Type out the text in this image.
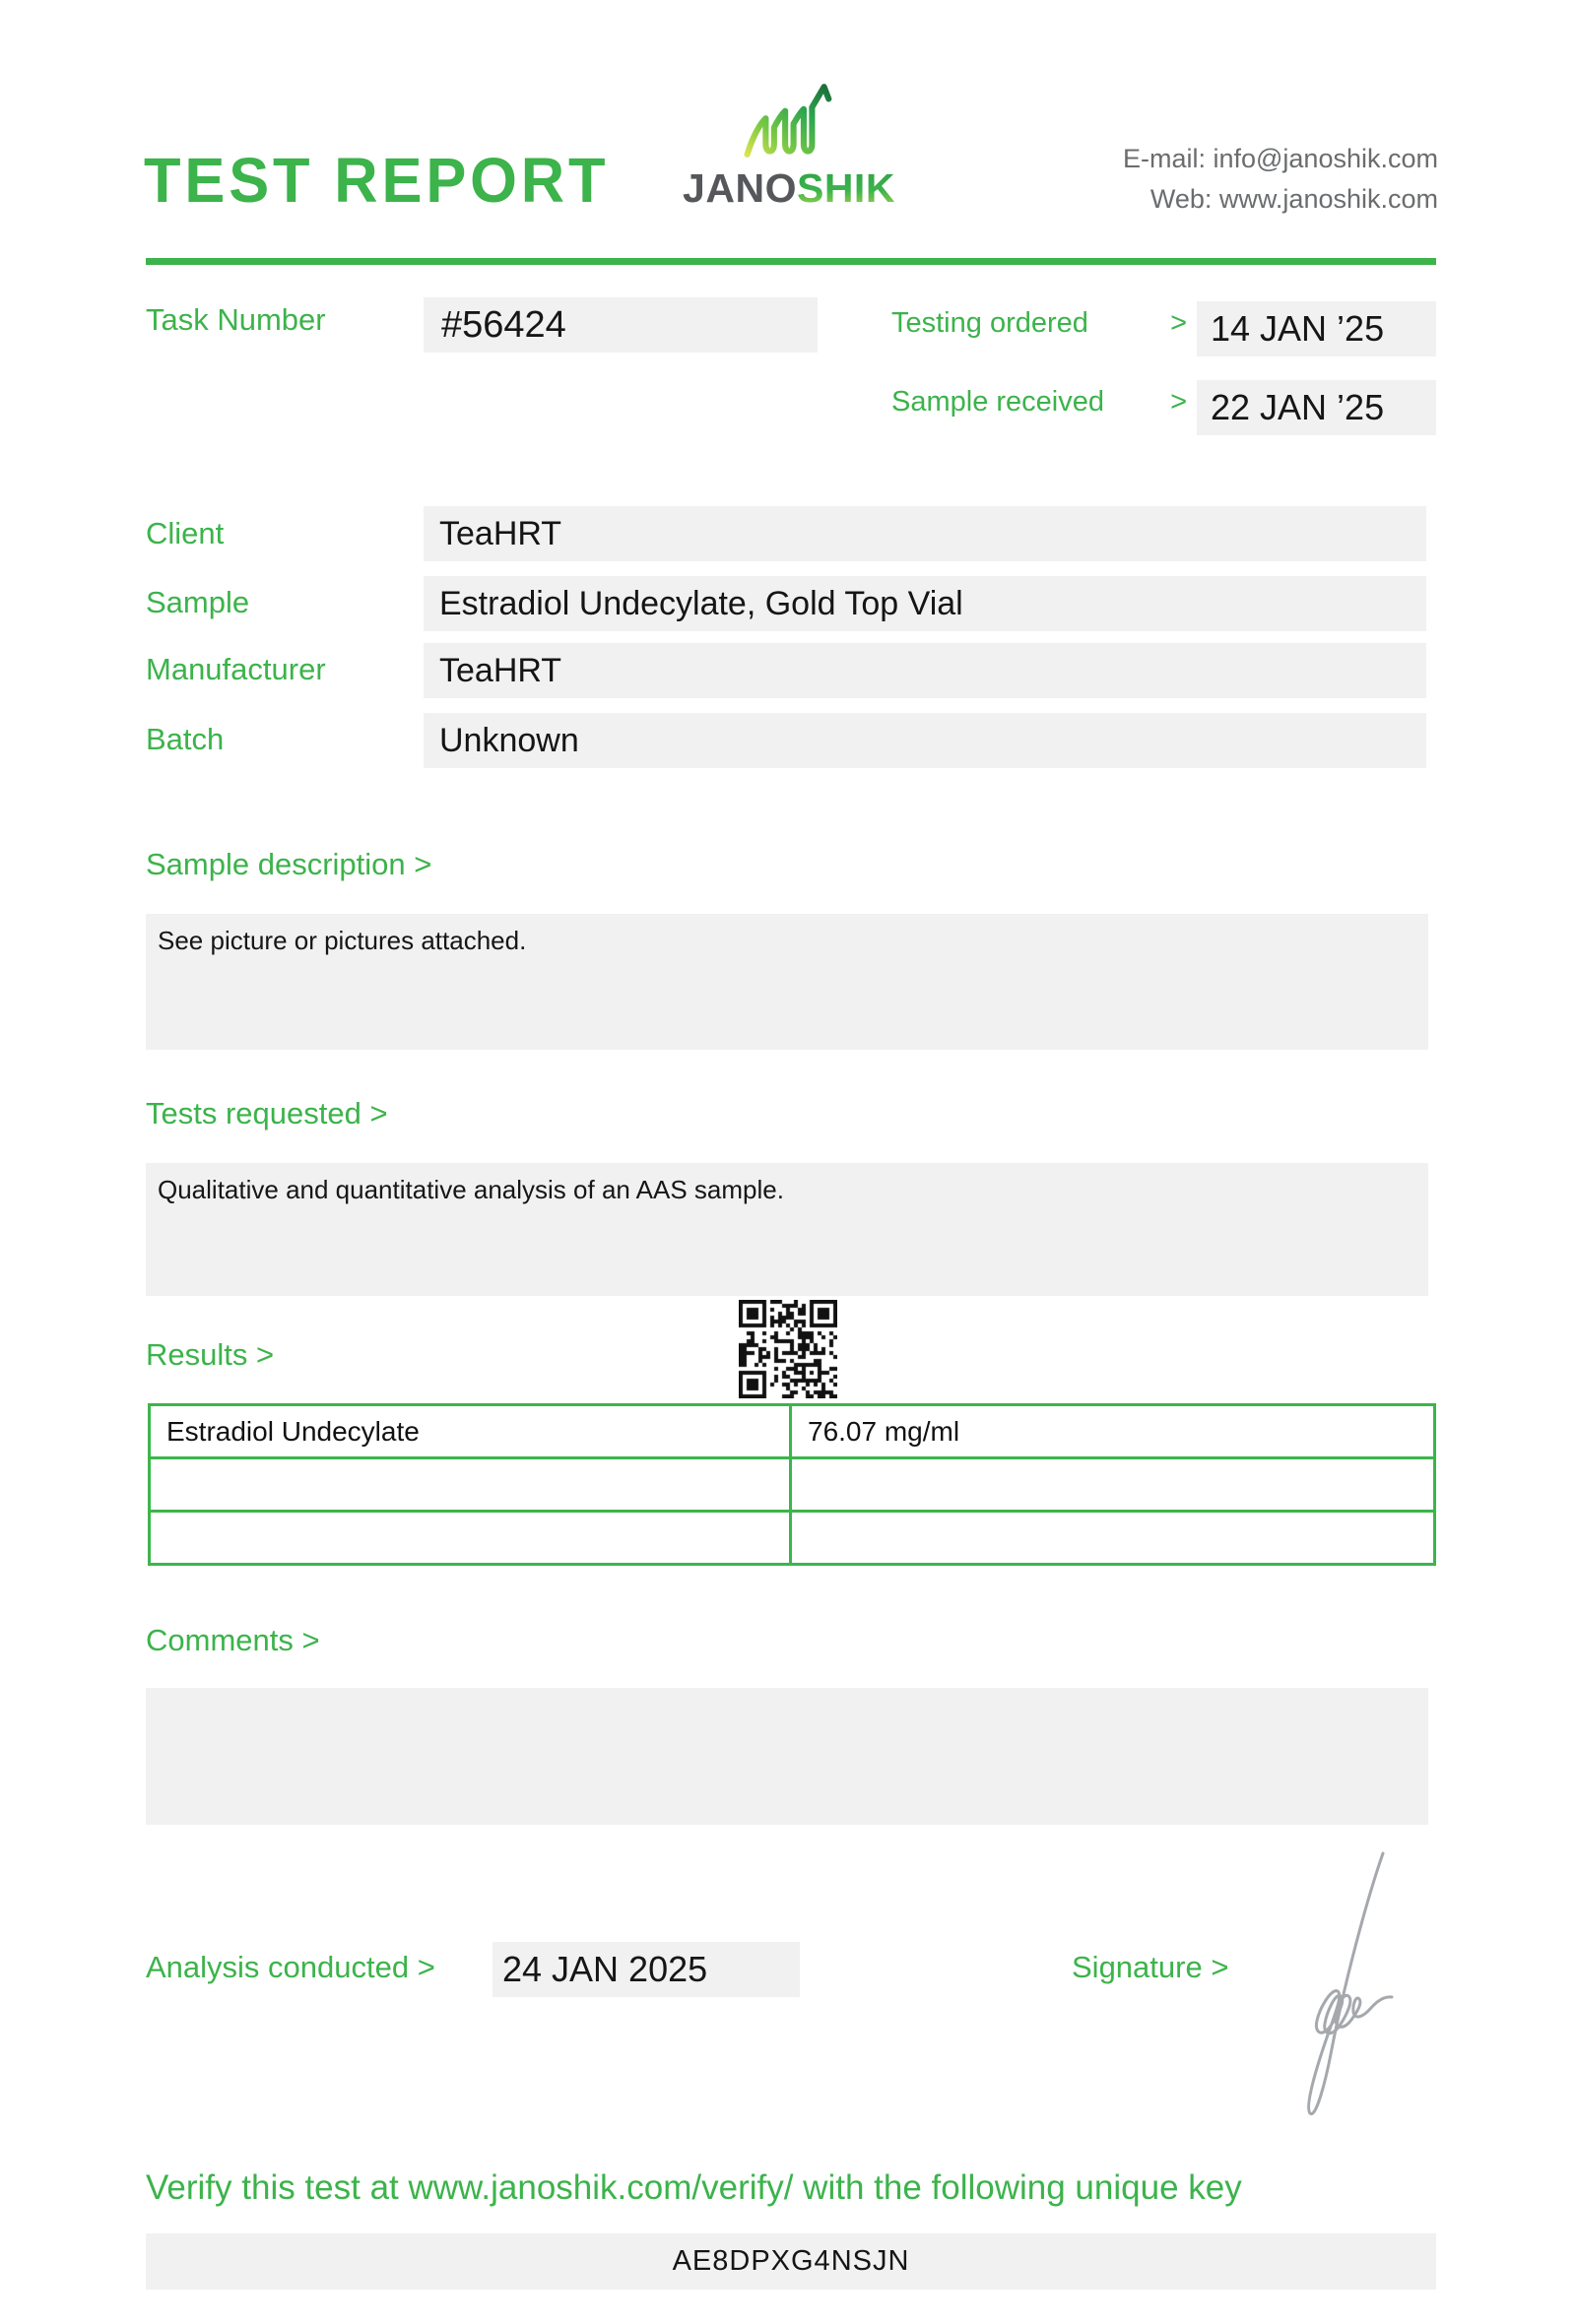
TEST REPORT JANOSHIK
E-mail: info@janoshik.com
Web: www.janoshik.com
Task Number	#56424	Testing ordered	> 14 JAN ’25
Sample received > 22 JAN ’25
Client	TeaHRT
Sample	Estradiol Undecylate, Gold Top Vial
Manufacturer	TeaHRT
Batch	Unknown
Sample description >
See picture or pictures attached.
Tests requested >
Qualitative and quantitative analysis of an AAS sample.
Results >
Estradiol Undecylate	76.07 mg/ml

Comments >
Analysis conducted > 24 JAN 2025	Signature >
Verify this test at www.janoshik.com/verify/ with the following unique key
AE8DPXG4NSJN
